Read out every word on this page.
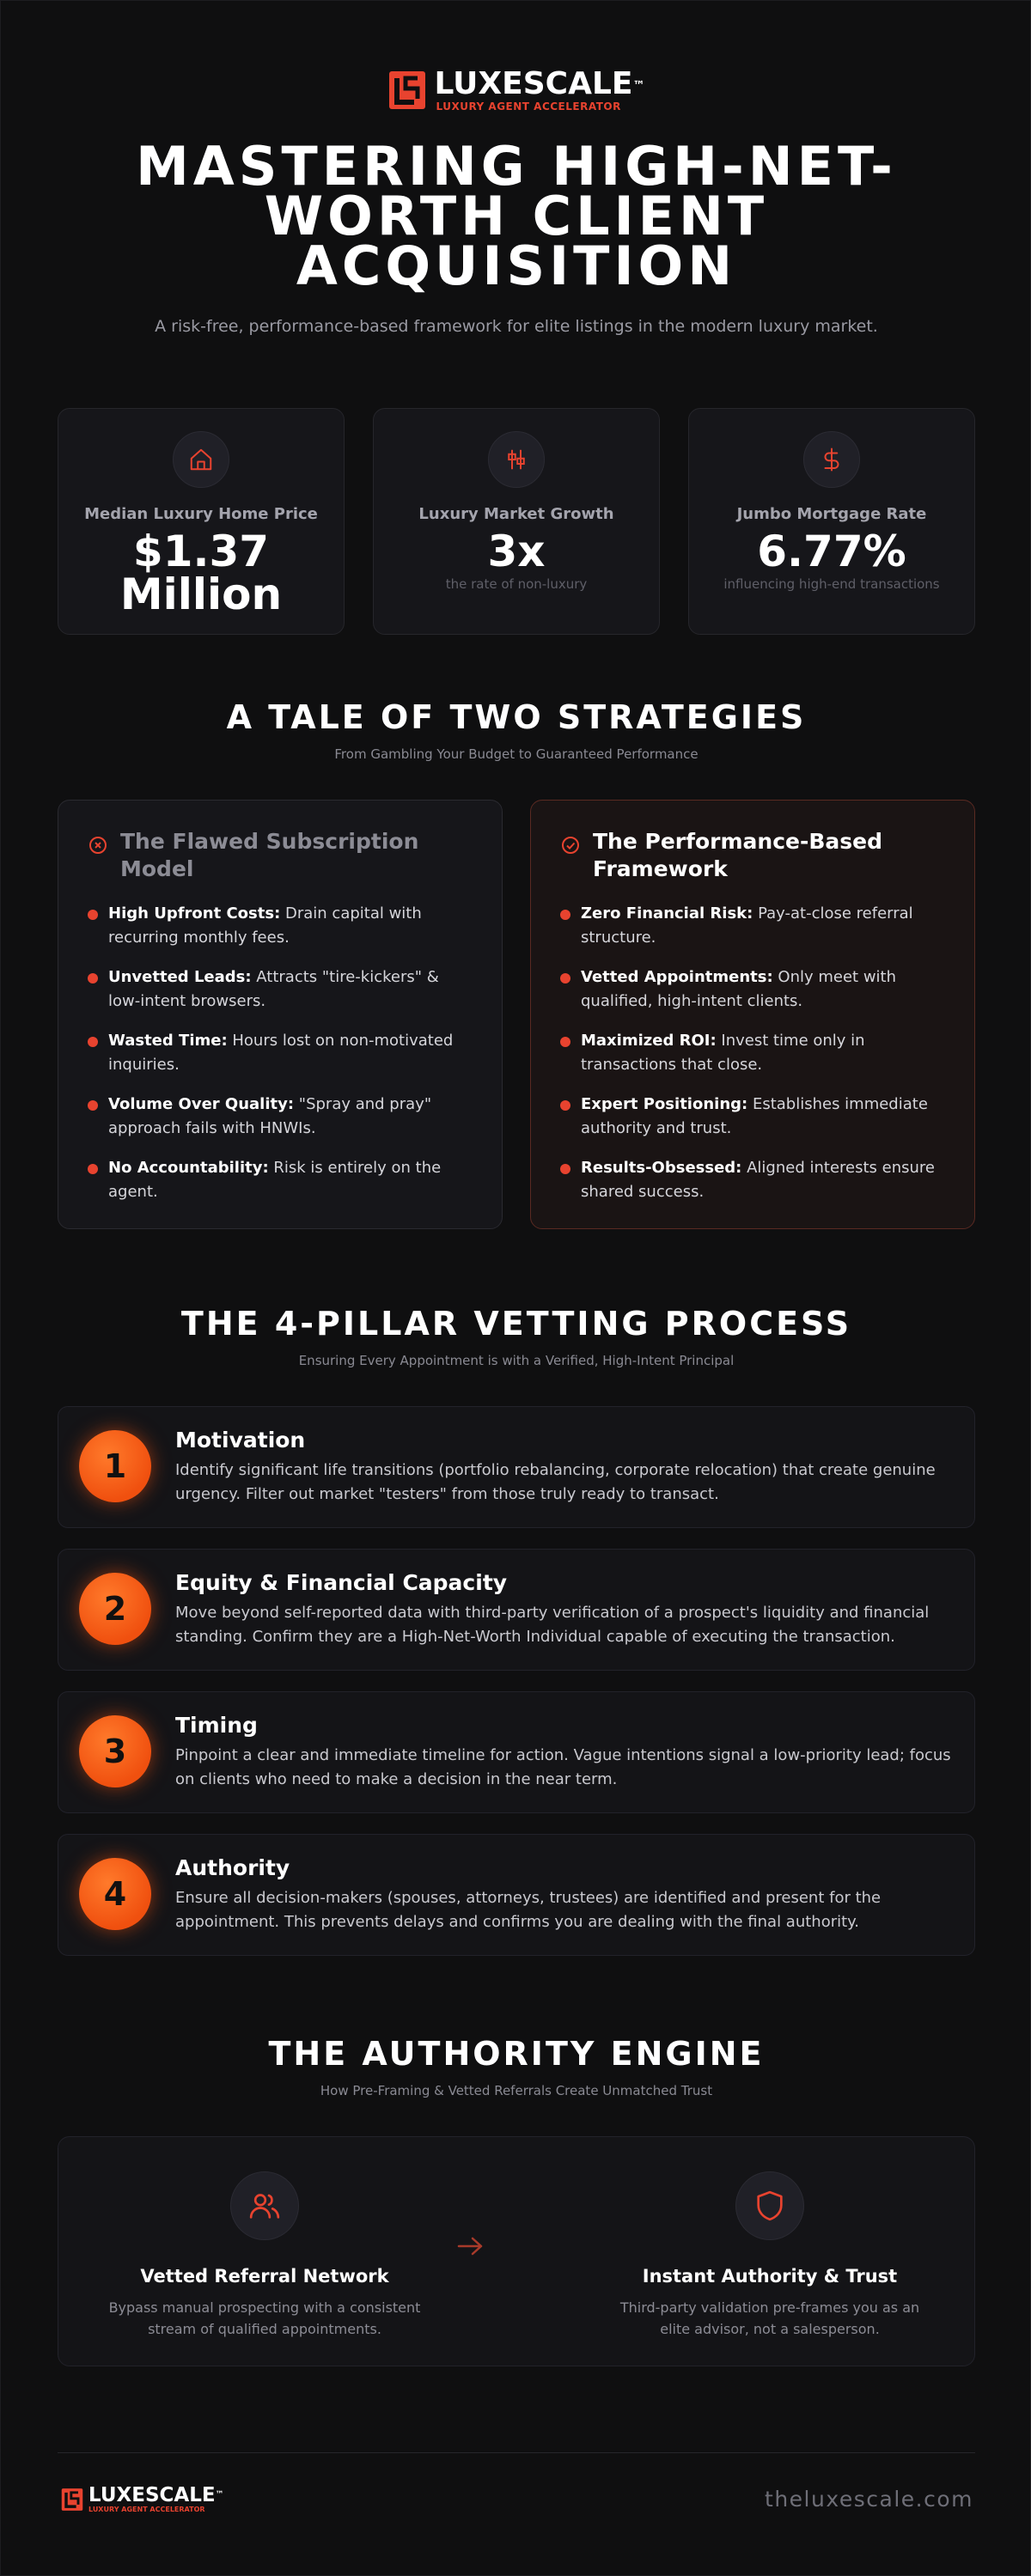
LUXESCALE™
LUXURY AGENT ACCELERATOR
MASTERING HIGH-NET-WORTH CLIENT ACQUISITION

A risk-free, performance-based framework for elite listings in the modern luxury market.

Median Luxury Home Price
$1.37 Million
Luxury Market Growth
3x
the rate of non-luxury
Jumbo Mortgage Rate
6.77%
influencing high-end transactions
A TALE OF TWO STRATEGIES

From Gambling Your Budget to Guaranteed Performance

The Flawed Subscription Model
High Upfront Costs: Drain capital with recurring monthly fees.
Unvetted Leads: Attracts "tire-kickers" & low-intent browsers.
Wasted Time: Hours lost on non-motivated inquiries.
Volume Over Quality: "Spray and pray" approach fails with HNWIs.
No Accountability: Risk is entirely on the agent.
The Performance-Based Framework
Zero Financial Risk: Pay-at-close referral structure.
Vetted Appointments: Only meet with qualified, high-intent clients.
Maximized ROI: Invest time only in transactions that close.
Expert Positioning: Establishes immediate authority and trust.
Results-Obsessed: Aligned interests ensure shared success.
THE 4-PILLAR VETTING PROCESS

Ensuring Every Appointment is with a Verified, High-Intent Principal

1
Motivation
Identify significant life transitions (portfolio rebalancing, corporate relocation) that create genuine urgency. Filter out market "testers" from those truly ready to transact.
2
Equity & Financial Capacity
Move beyond self-reported data with third-party verification of a prospect's liquidity and financial standing. Confirm they are a High-Net-Worth Individual capable of executing the transaction.
3
Timing
Pinpoint a clear and immediate timeline for action. Vague intentions signal a low-priority lead; focus on clients who need to make a decision in the near term.
4
Authority
Ensure all decision-makers (spouses, attorneys, trustees) are identified and present for the appointment. This prevents delays and confirms you are dealing with the final authority.
THE AUTHORITY ENGINE

How Pre-Framing & Vetted Referrals Create Unmatched Trust

Vetted Referral Network
Bypass manual prospecting with a consistent stream of qualified appointments.
Instant Authority & Trust
Third-party validation pre-frames you as an elite advisor, not a salesperson.
LUXESCALE™
LUXURY AGENT ACCELERATOR	theluxescale.com
